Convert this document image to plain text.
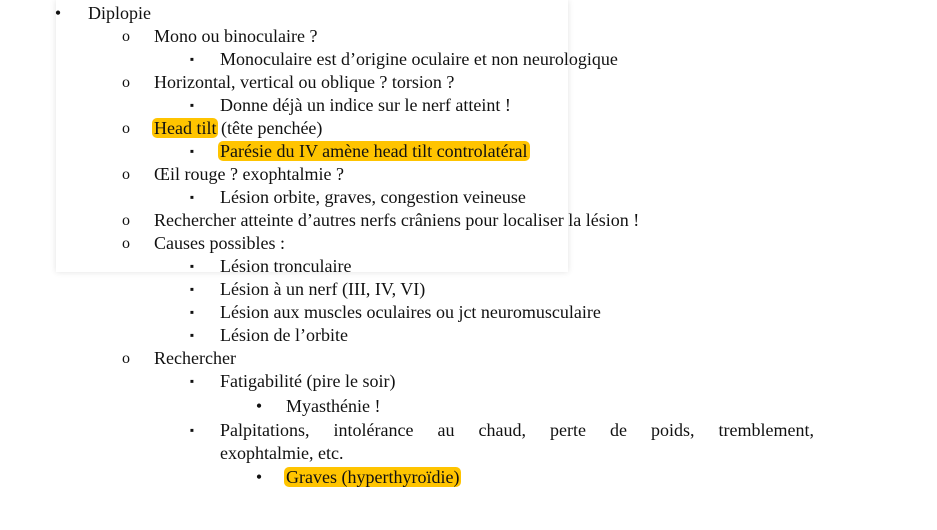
• Diplopie
o Mono ou binoculaire ?
▪ Monoculaire est d’origine oculaire et non neurologique
o Horizontal, vertical ou oblique ? torsion ?
▪ Donne déjà un indice sur le nerf atteint !
o Head tilt (tête penchée)
▪ Parésie du IV amène head tilt controlatéral
o Œil rouge ? exophtalmie ?
▪ Lésion orbite, graves, congestion veineuse
o Rechercher atteinte d’autres nerfs crâniens pour localiser la lésion !
o Causes possibles :
▪ Lésion tronculaire
▪ Lésion à un nerf (III, IV, VI)
▪ Lésion aux muscles oculaires ou jct neuromusculaire
▪ Lésion de l’orbite
o Rechercher
▪ Fatigabilité (pire le soir)
• Myasthénie !
▪ Palpitations, intolérance au chaud, perte de poids, tremblement,
exophtalmie, etc.
• Graves (hyperthyroïdie)
